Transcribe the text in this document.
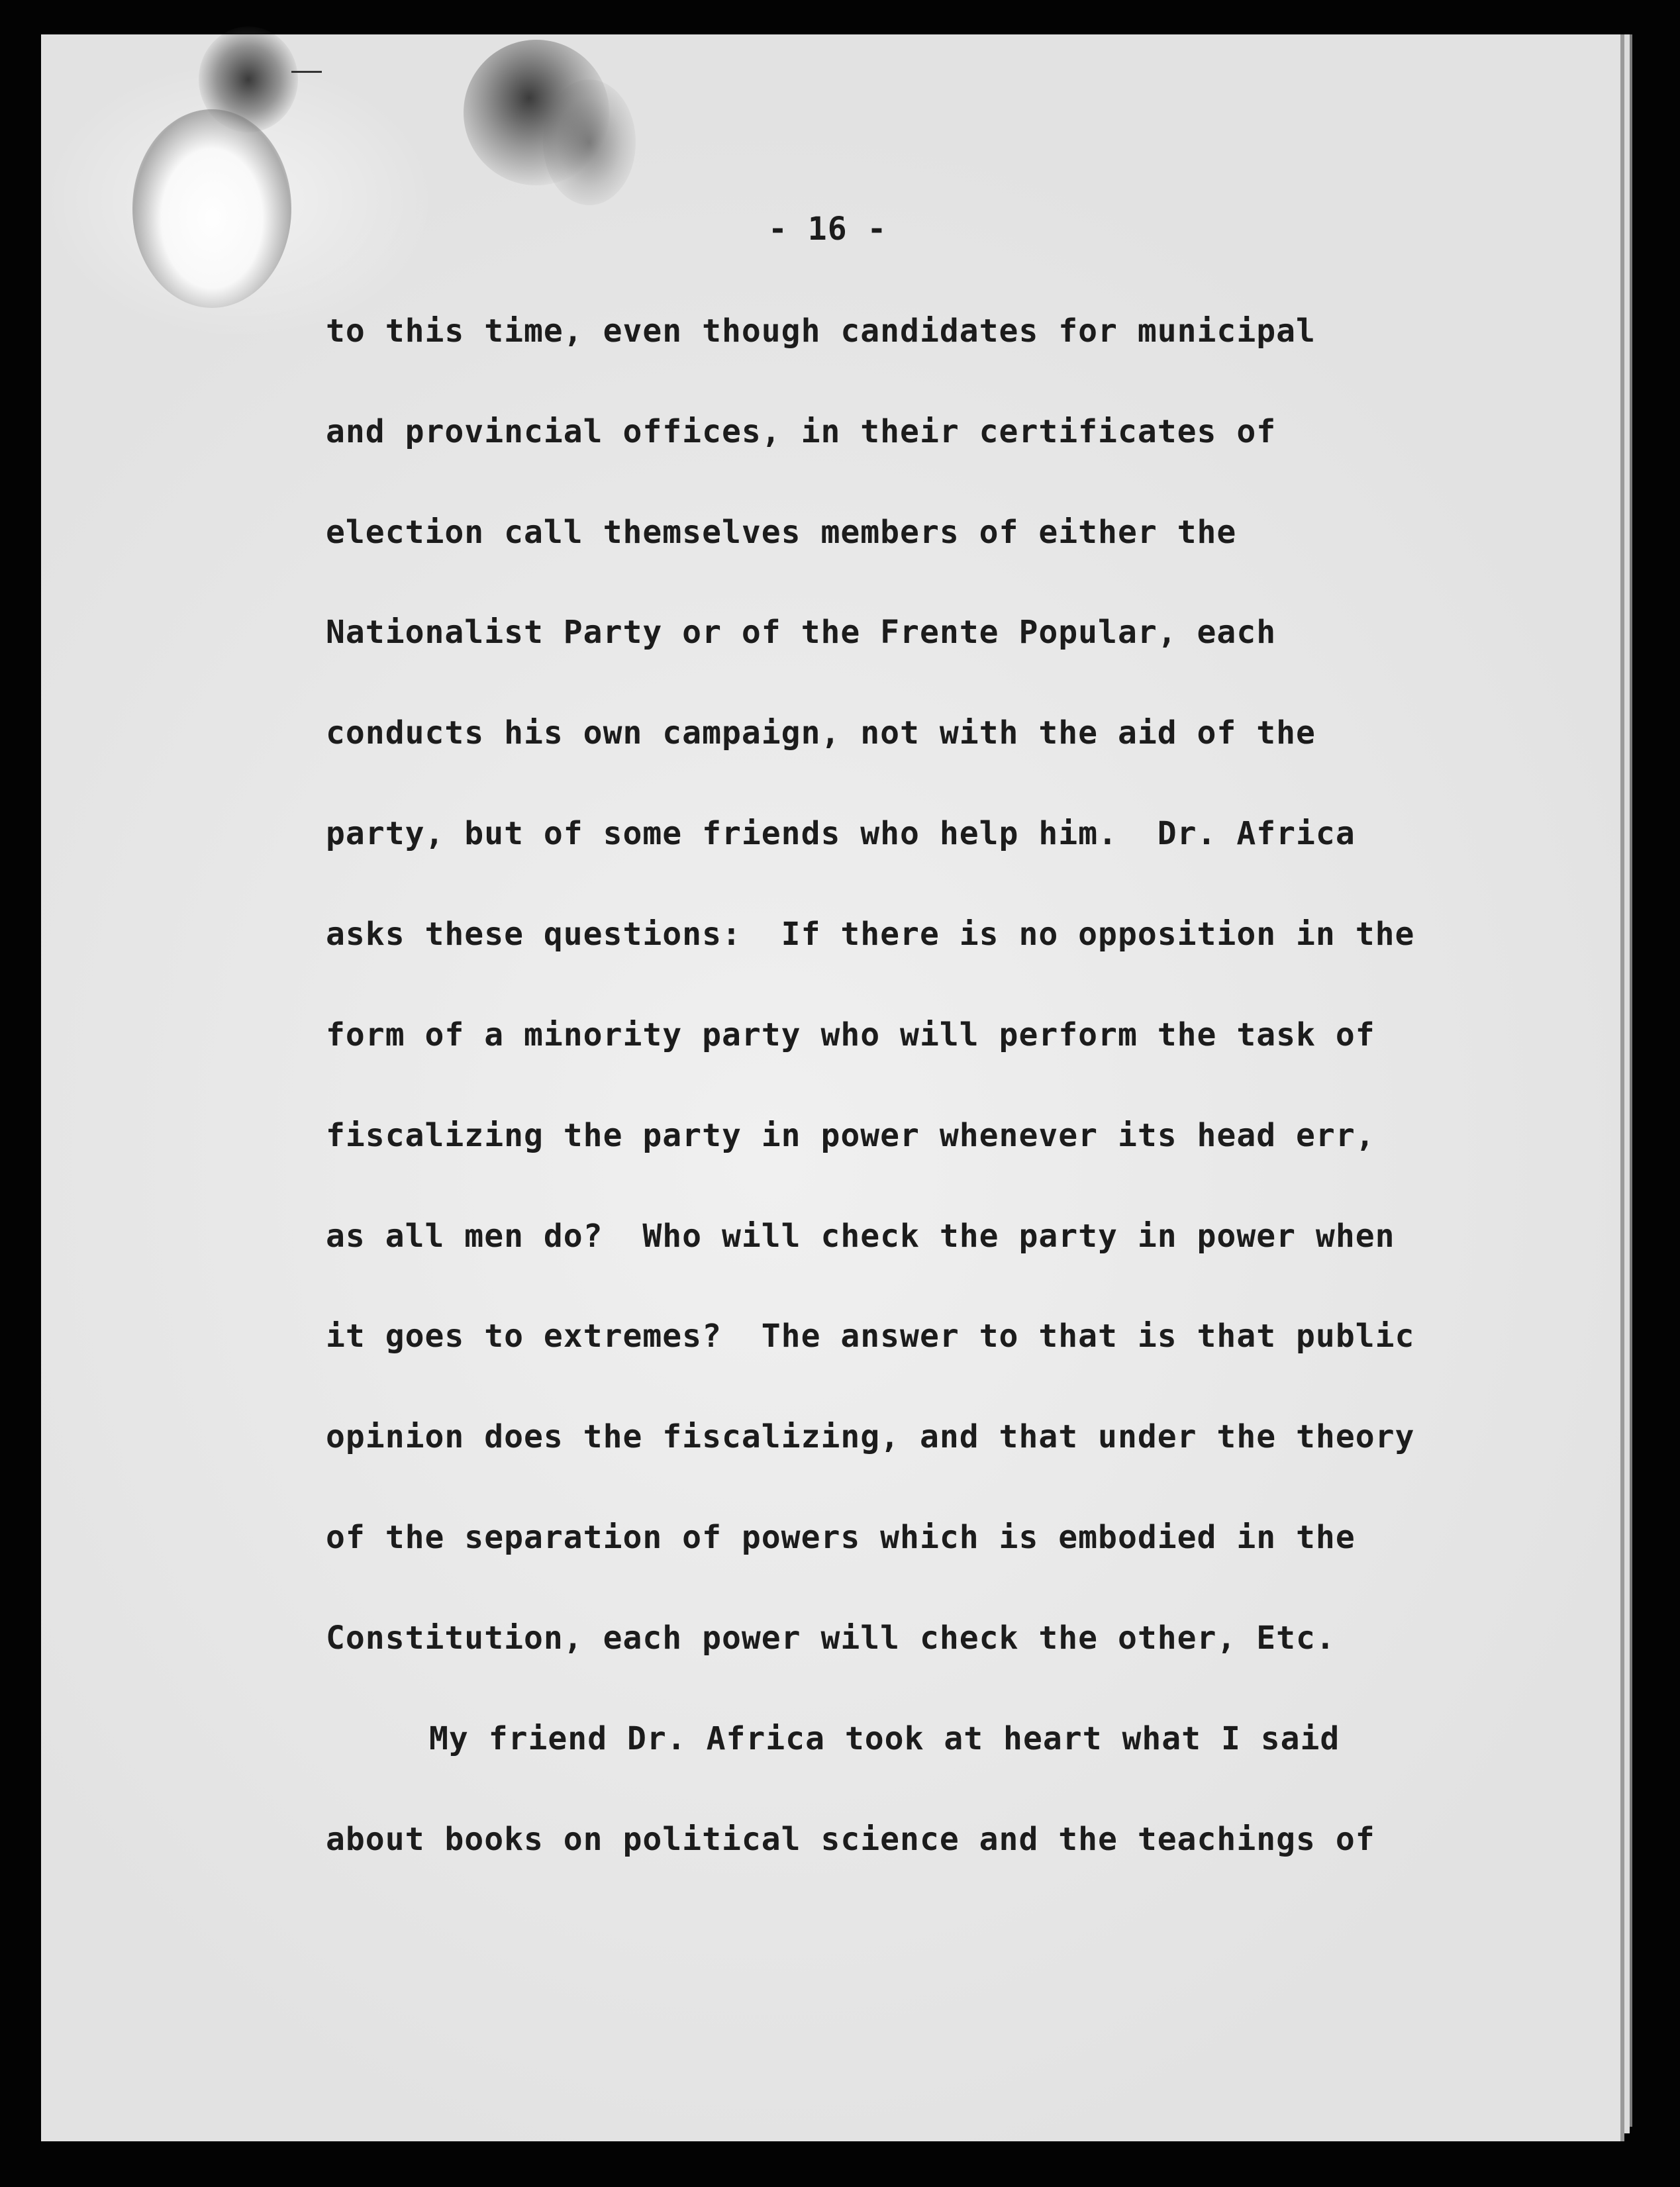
- 16 -

to this time, even though candidates for municipal

and provincial offices, in their certificates of

election call themselves members of either the

Nationalist Party or of the Frente Popular, each

conducts his own campaign, not with the aid of the

party, but of some friends who help him.  Dr. Africa

asks these questions:  If there is no opposition in the

form of a minority party who will perform the task of

fiscalizing the party in power whenever its head err,

as all men do?  Who will check the party in power when

it goes to extremes?  The answer to that is that public

opinion does the fiscalizing, and that under the theory

of the separation of powers which is embodied in the

Constitution, each power will check the other, Etc.

My friend Dr. Africa took at heart what I said

about books on political science and the teachings of
